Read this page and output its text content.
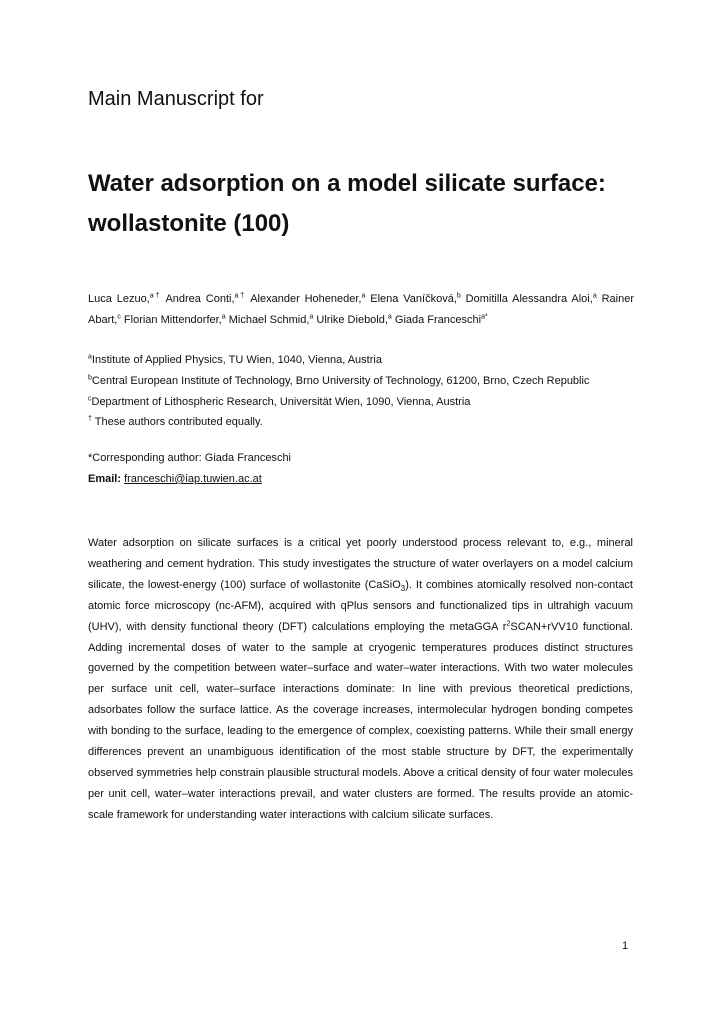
Main Manuscript for
Water adsorption on a model silicate surface:
wollastonite (100)

Luca Lezuo,$^{a\dagger}$ Andrea Conti,$^{a\dagger}$ Alexander Hoheneder,$^a$ Elena Vaníčková,$^b$ Domitilla Alessandra Aloi,$^a$ Rainer Abart,$^c$ Florian Mittendorfer,$^a$ Michael Schmid,$^a$ Ulrike Diebold,$^a$ Giada Franceschi$^{a*}$

$^a$Institute of Applied Physics, TU Wien, 1040, Vienna, Austria
$^b$Central European Institute of Technology, Brno University of Technology, 61200, Brno, Czech Republic
$^c$Department of Lithospheric Research, Universität Wien, 1090, Vienna, Austria
† These authors contributed equally.
*Corresponding author: Giada Franceschi
Email: franceschi@iap.tuwien.ac.at

Water adsorption on silicate surfaces is a critical yet poorly understood process relevant to, e.g., mineral weathering and cement hydration. This study investigates the structure of water overlayers on a model calcium silicate, the lowest-energy (100) surface of wollastonite (CaSiO$_3$). It combines atomically resolved non-contact atomic force microscopy (nc-AFM), acquired with qPlus sensors and functionalized tips in ultrahigh vacuum (UHV), with density functional theory (DFT) calculations employing the metaGGA $r^2SCAN+rVV10$ functional. Adding incremental doses of water to the sample at cryogenic temperatures produces distinct structures governed by the competition between water–surface and water–water interactions. With two water molecules per surface unit cell, water–surface interactions dominate: In line with previous theoretical predictions, adsorbates follow the surface lattice. As the coverage increases, intermolecular hydrogen bonding competes with bonding to the surface, leading to the emergence of complex, coexisting patterns. While their small energy differences prevent an unambiguous identification of the most stable structure by DFT, the experimentally observed symmetries help constrain plausible structural models. Above a critical density of four water molecules per unit cell, water–water interactions prevail, and water clusters are formed. The results provide an atomic-scale framework for understanding water interactions with calcium silicate surfaces.

1
